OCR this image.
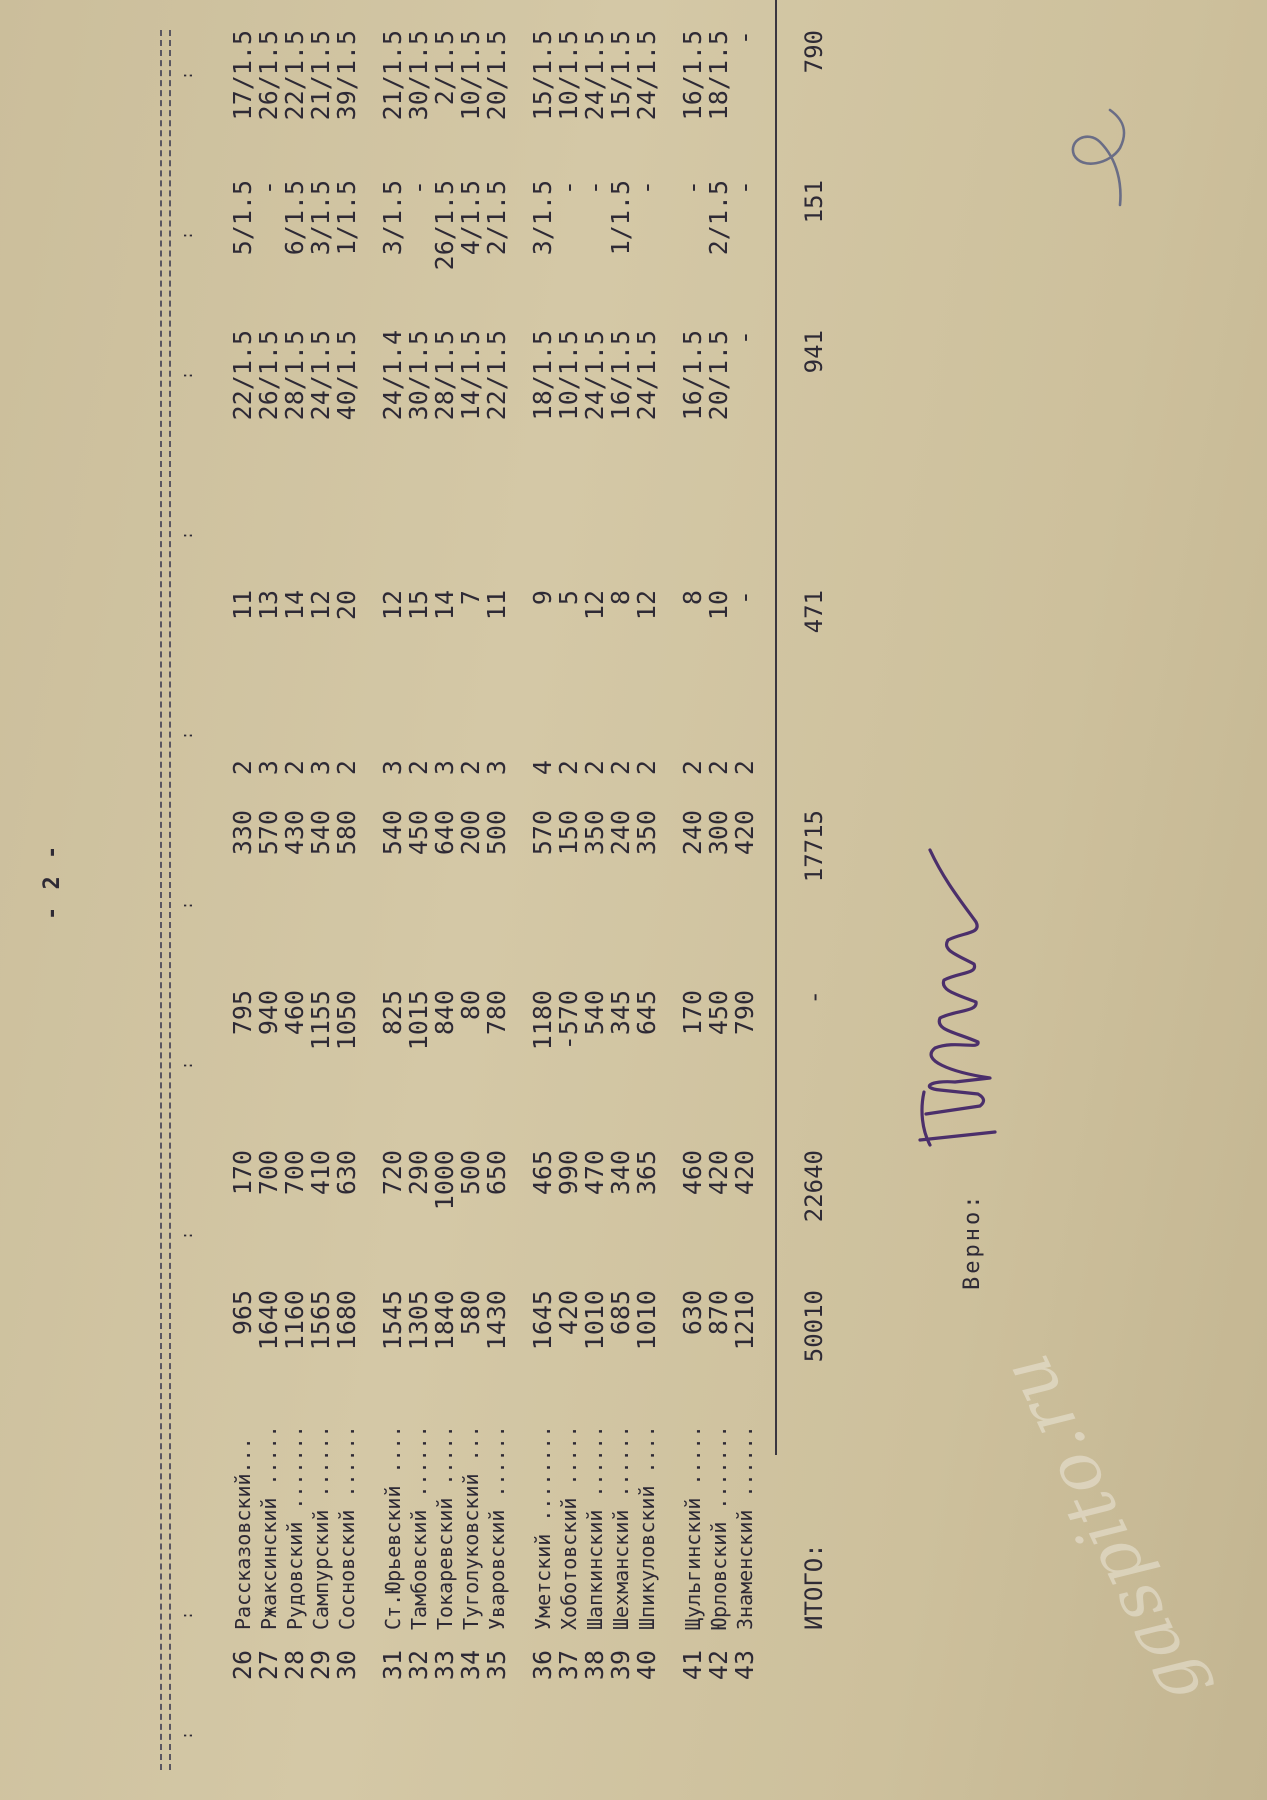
- 2 -
26
27
28
29
30
Рассказовский... Ржаксинский ..... Рудовский ....... Сампурский ...... Сосновский ......
965
1640
1160
1565
1680
170
700
700
410
630
795
940
460
1155
1050
330
570
430
540
580
2
3
2
3
2
11
13
14
12
20
22/1.5
26/1.5
28/1.5
24/1.5
40/1.5
5/1.5
-
6/1.5
3/1.5
1/1.5
17/1.5
26/1.5
22/1.5
21/1.5
39/1.5
31
32
33
34
35
Ст.Юрьевский .... Тамбовский ...... Токаревский ..... Туголуковский ... Уваровский ......
1545
1305
1840
580
1430
720
290
1000
500
650
825
1015
840
80
780
540
450
640
200
500
3
2
3
2
3
12
15
14
7
11
24/1.4
30/1.5
28/1.5
14/1.5
22/1.5
3/1.5
-
26/1.5
4/1.5
2/1.5
21/1.5
30/1.5
2/1.5
10/1.5
20/1.5
36
37
38
39
40
Уметский ........ Хоботовский ..... Шапкинский ...... Шехманский ...... Шпикуловский ....
1645
420
1010
685
1010
465
990
470
340
365
1180
-570
540
345
645
570
150
350
240
350
4
2
2
2
2
9
5
12
8
12
18/1.5
10/1.5
24/1.5
16/1.5
24/1.5
3/1.5
-
-
1/1.5
-
15/1.5
10/1.5
24/1.5
15/1.5
24/1.5
41
42
43
Щульгинский ..... Юрловский ....... Знаменский ......
630
870
1210
460
420
420
170
450
790
240
300
420
2
2
2
8
10
-
16/1.5
20/1.5
-
-
2/1.5
-
16/1.5
18/1.5
-
ИТОГО:
50010
22640
-
17715
471
941
151
790
Верно:
gaspito.ru
:
:
:
:
:
:
:
:
:
:
